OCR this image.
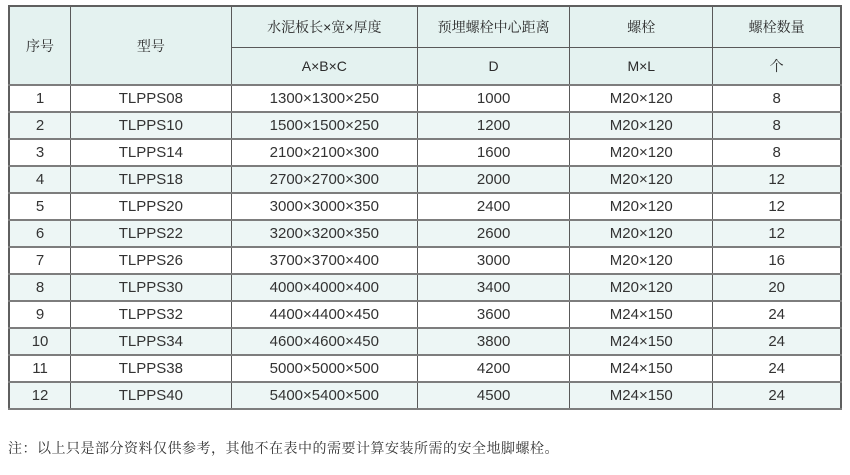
序号	型号	水泥板长×宽×厚度	预埋螺栓中心距离	螺栓	螺栓数量
		A×B×C	D	M×L	个
1	TLPPS08	1300×1300×250	1000	M20×120	8
2	TLPPS10	1500×1500×250	1200	M20×120	8
3	TLPPS14	2100×2100×300	1600	M20×120	8
4	TLPPS18	2700×2700×300	2000	M20×120	12
5	TLPPS20	3000×3000×350	2400	M20×120	12
6	TLPPS22	3200×3200×350	2600	M20×120	12
7	TLPPS26	3700×3700×400	3000	M20×120	16
8	TLPPS30	4000×4000×400	3400	M20×120	20
9	TLPPS32	4400×4400×450	3600	M24×150	24
10	TLPPS34	4600×4600×450	3800	M24×150	24
11	TLPPS38	5000×5000×500	4200	M24×150	24
12	TLPPS40	5400×5400×500	4500	M24×150	24
注：以上只是部分资料仅供参考，其他不在表中的需要计算安装所需的安全地脚螺栓。
